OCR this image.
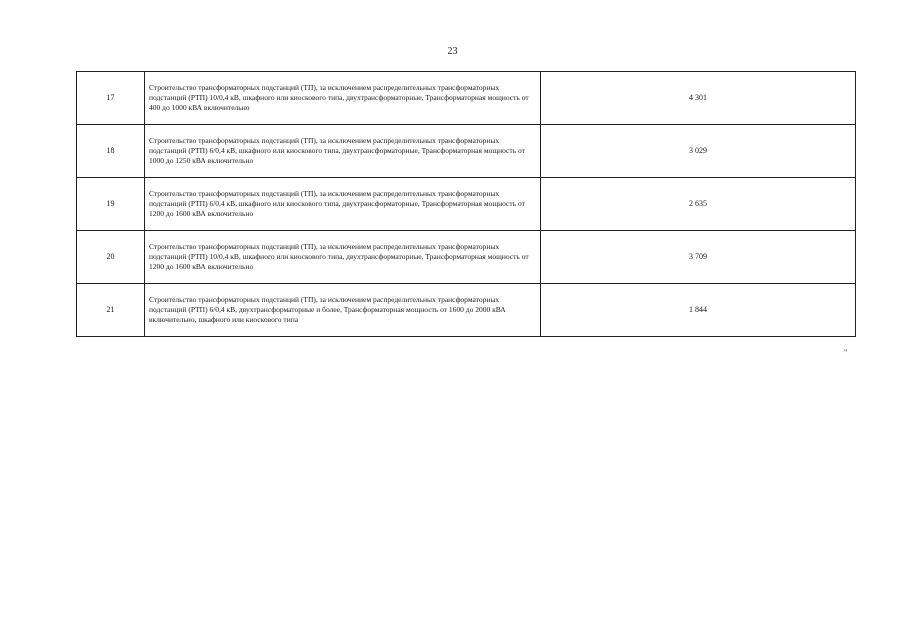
23
17	Строительство трансформаторных подстанций (ТП), за исключением распределительных трансформаторных подстанций (РТП) 10/0,4 кВ, шкафного или киоскового типа, двухтрансформаторные, Трансформаторная мощность от 400 до 1000 кВА включительно	4 301
18	Строительство трансформаторных подстанций (ТП), за исключением распределительных трансформаторных подстанций (РТП) 6/0,4 кВ, шкафного или киоскового типа, двухтрансформаторные, Трансформаторная мощность от 1000 до 1250 кВА включительно	3 029
19	Строительство трансформаторных подстанций (ТП), за исключением распределительных трансформаторных подстанций (РТП) 6/0,4 кВ, шкафного или киоскового типа, двухтрансформаторные, Трансформаторная мощность от 1200 до 1600 кВА включительно	2 635
20	Строительство трансформаторных подстанций (ТП), за исключением распределительных трансформаторных подстанций (РТП) 10/0,4 кВ, шкафного или киоскового типа, двухтрансформаторные, Трансформаторная мощность от 1200 до 1600 кВА включительно	3 709
21	Строительство трансформаторных подстанций (ТП), за исключением распределительных трансформаторных подстанций (РТП) 6/0,4 кВ, двухтрансформаторные и более, Трансформаторная мощность от 1600 до 2000 кВА включительно, шкафного или киоскового типа	1 844
"
